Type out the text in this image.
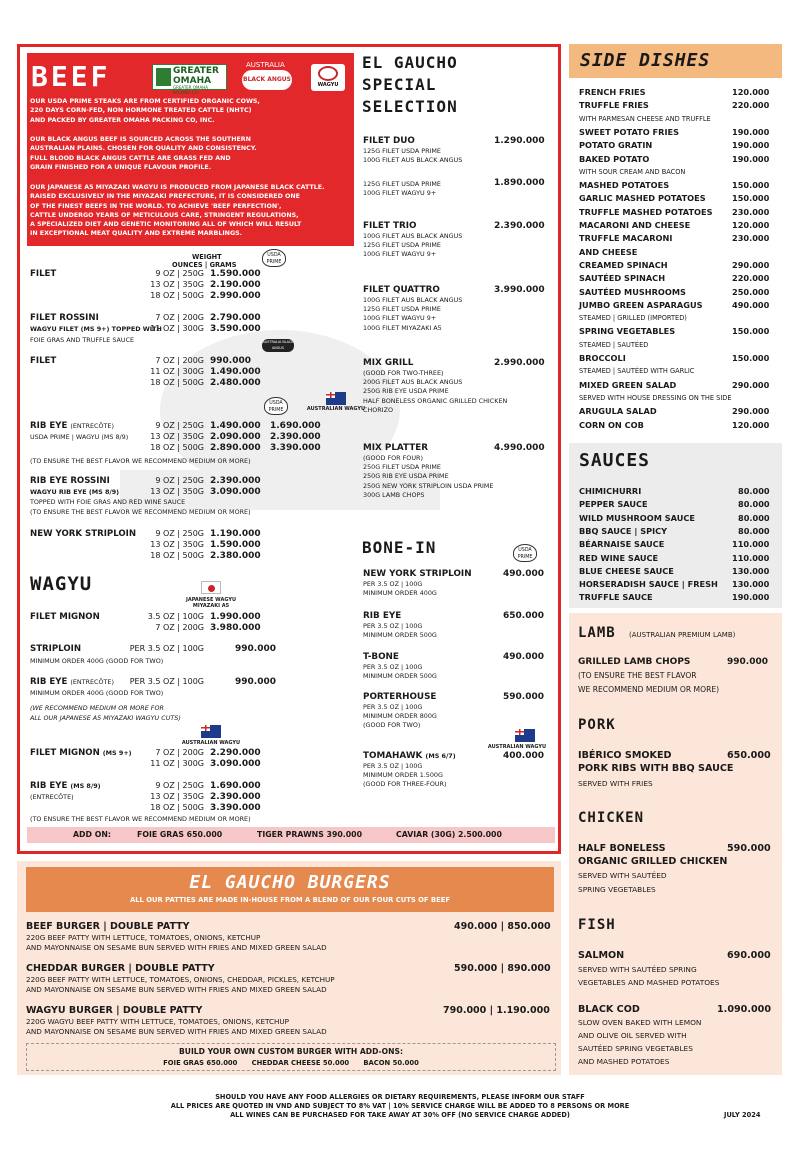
BEEF	GREATER
OMAHA
GREATER OMAHA PACKING CO.
AUSTRALIA
BLACK ANGUS
WAGYU
OUR USDA PRIME STEAKS ARE FROM CERTIFIED ORGANIC COWS,
220 DAYS CORN-FED, NON HORMONE TREATED CATTLE (NHTC)
AND PACKED BY GREATER OMAHA PACKING CO, INC.
OUR BLACK ANGUS BEEF IS SOURCED ACROSS THE SOUTHERN
AUSTRALIAN PLAINS. CHOSEN FOR QUALITY AND CONSISTENCY.
FULL BLOOD BLACK ANGUS CATTLE ARE GRASS FED AND
GRAIN FINISHED FOR A UNIQUE FLAVOUR PROFILE.
OUR JAPANESE A5 MIYAZAKI WAGYU IS PRODUCED FROM JAPANESE BLACK CATTLE.
RAISED EXCLUSIVELY IN THE MIYAZAKI PREFECTURE, IT IS CONSIDERED ONE
OF THE FINEST BEEFS IN THE WORLD. TO ACHIEVE 'BEEF PERFECTION',
CATTLE UNDERGO YEARS OF METICULOUS CARE, STRINGENT REGULATIONS,
A SPECIALIZED DIET AND GENETIC MONITORING ALL OF WHICH WILL RESULT
IN EXCEPTIONAL MEAT QUALITY AND EXTREME MARBLINGS.
WEIGHT
OUNCES | GRAMS
USDA PRIME
FILET	9 OZ | 250G 1.590.000
13 OZ | 350G 2.190.000
18 OZ | 500G 2.990.000
FILET ROSSINI
WAGYU FILET (MS 9+) TOPPED WITH
FOIE GRAS AND TRUFFLE SAUCE
7 OZ | 200G 2.790.000
11 OZ | 300G 3.590.000
AUSTRALIA BLACK ANGUS
FILET	7 OZ | 200G 990.000
11 OZ | 300G 1.490.000
18 OZ | 500G 2.480.000
USDA PRIME	AUSTRALIAN WAGYU
RIB EYE (ENTRECÔTE)
USDA PRIME | WAGYU (MS 8/9)
9 OZ | 250G 1.490.000 1.690.000
13 OZ | 350G 2.090.000 2.390.000
18 OZ | 500G 2.890.000 3.390.000
(TO ENSURE THE BEST FLAVOR WE RECOMMEND MEDIUM OR MORE)
RIB EYE ROSSINI
WAGYU RIB EYE (MS 8/9)
TOPPED WITH FOIE GRAS AND RED WINE SAUCE
9 OZ | 250G 2.390.000
13 OZ | 350G 3.090.000
(TO ENSURE THE BEST FLAVOR WE RECOMMEND MEDIUM OR MORE)
NEW YORK STRIPLOIN	9 OZ | 250G 1.190.000
13 OZ | 350G 1.590.000
18 OZ | 500G 2.380.000
WAGYU
JAPANESE WAGYU
MIYAZAKI A5
FILET MIGNON	3.5 OZ | 100G 1.990.000
7 OZ | 200G 3.980.000
STRIPLOIN	PER 3.5 OZ | 100G	990.000
MINIMUM ORDER 400G (GOOD FOR TWO)
RIB EYE (ENTRECÔTE)	PER 3.5 OZ | 100G	990.000
MINIMUM ORDER 400G (GOOD FOR TWO)
(WE RECOMMEND MEDIUM OR MORE FOR
ALL OUR JAPANESE A5 MIYAZAKI WAGYU CUTS)
AUSTRALIAN WAGYU
FILET MIGNON (MS 9+)	7 OZ | 200G 2.290.000
11 OZ | 300G 3.090.000
RIB EYE (MS 8/9)
(ENTRECÔTE)
9 OZ | 250G 1.690.000
13 OZ | 350G 2.390.000
18 OZ | 500G 3.390.000
(TO ENSURE THE BEST FLAVOR WE RECOMMEND MEDIUM OR MORE)
ADD ON:	FOIE GRAS 650.000	TIGER PRAWNS 390.000	CAVIAR (30G) 2.500.000
EL GAUCHO
SPECIAL
SELECTION
FILET DUO	1.290.000
125G FILET USDA PRIME
100G FILET AUS BLACK ANGUS
1.890.000
125G FILET USDA PRIME
100G FILET WAGYU 9+
FILET TRIO	2.390.000
100G FILET AUS BLACK ANGUS
125G FILET USDA PRIME
100G FILET WAGYU 9+
FILET QUATTRO	3.990.000
100G FILET AUS BLACK ANGUS
125G FILET USDA PRIME
100G FILET WAGYU 9+
100G FILET MIYAZAKI A5
MIX GRILL	2.990.000
(GOOD FOR TWO-THREE)
200G FILET AUS BLACK ANGUS
250G RIB EYE USDA PRIME
HALF BONELESS ORGANIC GRILLED CHICKEN
CHORIZO
MIX PLATTER	4.990.000
(GOOD FOR FOUR)
250G FILET USDA PRIME
250G RIB EYE USDA PRIME
250G NEW YORK STRIPLOIN USDA PRIME
300G LAMB CHOPS
BONE-IN	USDA PRIME
NEW YORK STRIPLOIN	490.000
PER 3.5 OZ | 100G
MINIMUM ORDER 400G
RIB EYE	650.000
PER 3.5 OZ | 100G
MINIMUM ORDER 500G
T-BONE	490.000
PER 3.5 OZ | 100G
MINIMUM ORDER 500G
PORTERHOUSE	590.000
PER 3.5 OZ | 100G
MINIMUM ORDER 800G
(GOOD FOR TWO)
AUSTRALIAN WAGYU
TOMAHAWK (MS 6/7)	400.000
PER 3.5 OZ | 100G
MINIMUM ORDER 1.500G
(GOOD FOR THREE-FOUR)
SIDE DISHES
FRENCH FRIES	120.000
TRUFFLE FRIES	220.000
WITH PARMESAN CHEESE AND TRUFFLE
SWEET POTATO FRIES	190.000
POTATO GRATIN	190.000
BAKED POTATO	190.000
WITH SOUR CREAM AND BACON
MASHED POTATOES	150.000
GARLIC MASHED POTATOES	150.000
TRUFFLE MASHED POTATOES 230.000
MACARONI AND CHEESE	120.000
TRUFFLE MACARONI	230.000
AND CHEESE
CREAMED SPINACH	290.000
SAUTÉED SPINACH	220.000
SAUTÉED MUSHROOMS	250.000
JUMBO GREEN ASPARAGUS	490.000
STEAMED | GRILLED (IMPORTED)
SPRING VEGETABLES	150.000
STEAMED | SAUTÉED
BROCCOLI	150.000
STEAMED | SAUTÉED WITH GARLIC
MIXED GREEN SALAD	290.000
SERVED WITH HOUSE DRESSING ON THE SIDE
ARUGULA SALAD	290.000
CORN ON COB	120.000
SAUCES
CHIMICHURRI	80.000
PEPPER SAUCE	80.000
WILD MUSHROOM SAUCE	80.000
BBQ SAUCE | SPICY	80.000
BÉARNAISE SAUCE	110.000
RED WINE SAUCE	110.000
BLUE CHEESE SAUCE	130.000
HORSERADISH SAUCE | FRESH 130.000
TRUFFLE SAUCE	190.000
LAMB (AUSTRALIAN PREMIUM LAMB)
GRILLED LAMB CHOPS	990.000
(TO ENSURE THE BEST FLAVOR
WE RECOMMEND MEDIUM OR MORE)
PORK
IBÉRICO SMOKED	650.000
PORK RIBS WITH BBQ SAUCE
SERVED WITH FRIES
CHICKEN
HALF BONELESS	590.000
ORGANIC GRILLED CHICKEN
SERVED WITH SAUTÉED
SPRING VEGETABLES
FISH
SALMON	690.000
SERVED WITH SAUTÉED SPRING
VEGETABLES AND MASHED POTATOES
BLACK COD	1.090.000
SLOW OVEN BAKED WITH LEMON
AND OLIVE OIL SERVED WITH
SAUTÉED SPRING VEGETABLES
AND MASHED POTATOES
EL GAUCHO BURGERS
ALL OUR PATTIES ARE MADE IN-HOUSE FROM A BLEND OF OUR FOUR CUTS OF BEEF
BEEF BURGER | DOUBLE PATTY	490.000 | 850.000
220G BEEF PATTY WITH LETTUCE, TOMATOES, ONIONS, KETCHUP
AND MAYONNAISE ON SESAME BUN SERVED WITH FRIES AND MIXED GREEN SALAD
CHEDDAR BURGER | DOUBLE PATTY	590.000 | 890.000
220G BEEF PATTY WITH LETTUCE, TOMATOES, ONIONS, CHEDDAR, PICKLES, KETCHUP
AND MAYONNAISE ON SESAME BUN SERVED WITH FRIES AND MIXED GREEN SALAD
WAGYU BURGER | DOUBLE PATTY	790.000 | 1.190.000
220G WAGYU BEEF PATTY WITH LETTUCE, TOMATOES, ONIONS, KETCHUP
AND MAYONNAISE ON SESAME BUN SERVED WITH FRIES AND MIXED GREEN SALAD
BUILD YOUR OWN CUSTOM BURGER WITH ADD-ONS:
FOIE GRAS 650.000      CHEDDAR CHEESE 50.000      BACON 50.000
SHOULD YOU HAVE ANY FOOD ALLERGIES OR DIETARY REQUIREMENTS, PLEASE INFORM OUR STAFF
ALL PRICES ARE QUOTED IN VND AND SUBJECT TO 8% VAT | 10% SERVICE CHARGE WILL BE ADDED TO 8 PERSONS OR MORE
ALL WINES CAN BE PURCHASED FOR TAKE AWAY AT 30% OFF (NO SERVICE CHARGE ADDED)	JULY 2024
